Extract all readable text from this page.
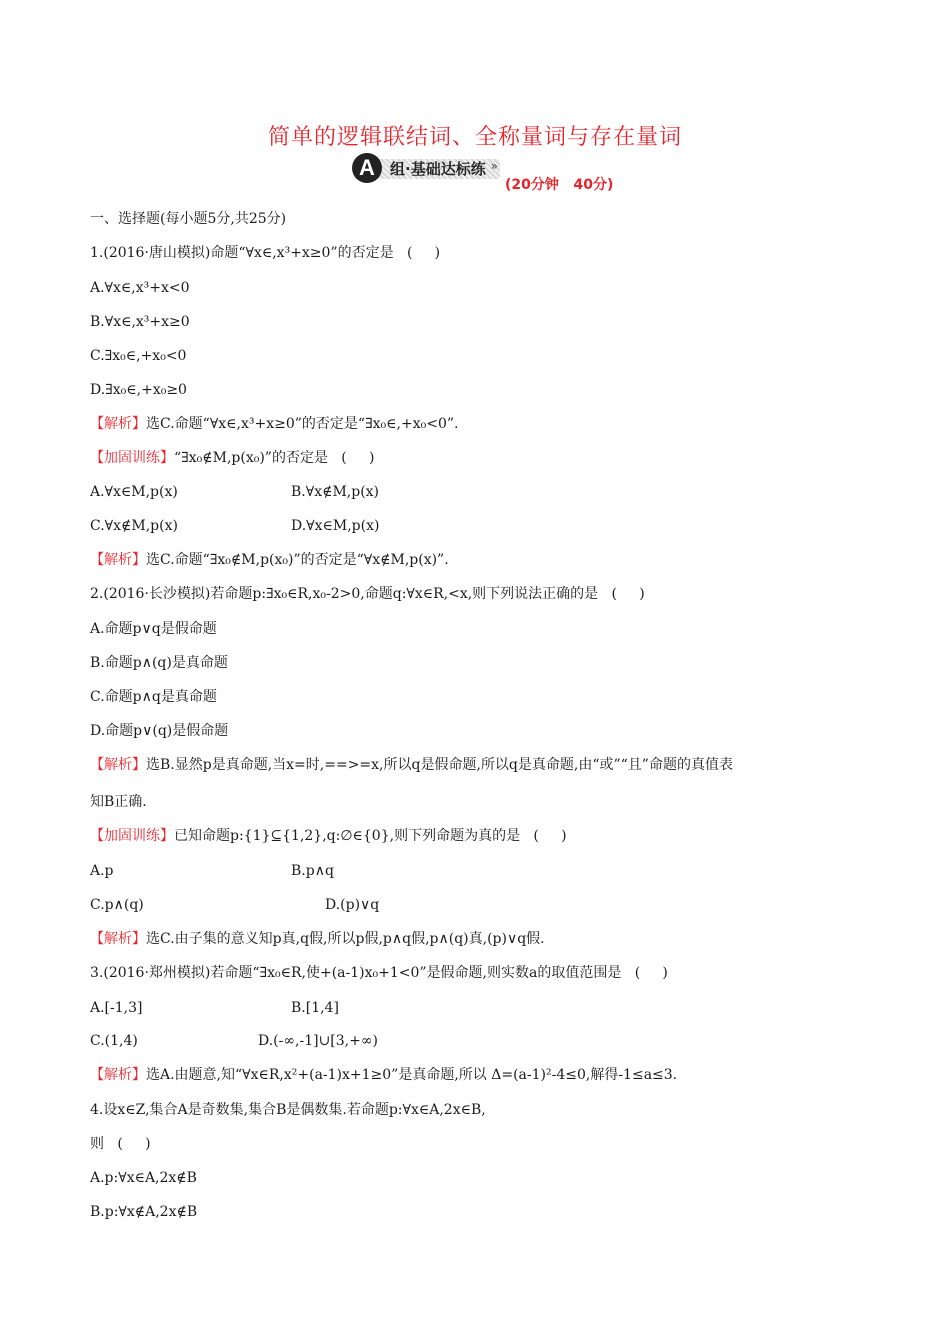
简单的逻辑联结词、全称量词与存在量词
A	组·基础达标练 »
(20分钟   40分)
一、选择题(每小题5分,共25分)
1.(2016·唐山模拟)命题“∀x∈,x³+x≥0”的否定是   (     )
A.∀x∈,x³+x<0
B.∀x∈,x³+x≥0
C.∃x₀∈,+x₀<0
D.∃x₀∈,+x₀≥0
【解析】选C.命题“∀x∈,x³+x≥0”的否定是“∃x₀∈,+x₀<0”.
【加固训练】“∃x₀∉M,p(x₀)”的否定是   (     )
A.∀x∈M,p(x)	B.∀x∉M,p(x)
C.∀x∉M,p(x)	D.∀x∈M,p(x)
【解析】选C.命题“∃x₀∉M,p(x₀)”的否定是“∀x∉M,p(x)”.
2.(2016·长沙模拟)若命题p:∃x₀∈R,x₀-2>0,命题q:∀x∈R,<x,则下列说法正确的是   (     )
A.命题p∨q是假命题
B.命题p∧(q)是真命题
C.命题p∧q是真命题
D.命题p∨(q)是假命题
【解析】选B.显然p是真命题,当x=时,==>=x,所以q是假命题,所以q是真命题,由“或”“且”命题的真值表
知B正确.
【加固训练】已知命题p:{1}⊆{1,2},q:∅∈{0},则下列命题为真的是   (     )
A.p	B.p∧q
C.p∧(q)	D.(p)∨q
【解析】选C.由子集的意义知p真,q假,所以p假,p∧q假,p∧(q)真,(p)∨q假.
3.(2016·郑州模拟)若命题“∃x₀∈R,使+(a-1)x₀+1<0”是假命题,则实数a的取值范围是   (     )
A.[-1,3]	B.[1,4]
C.(1,4)	D.(-∞,-1]∪[3,+∞)
【解析】选A.由题意,知“∀x∈R,x²+(a-1)x+1≥0”是真命题,所以 Δ=(a-1)²-4≤0,解得-1≤a≤3.
4.设x∈Z,集合A是奇数集,集合B是偶数集.若命题p:∀x∈A,2x∈B,
则   (     )
A.p:∀x∈A,2x∉B
B.p:∀x∉A,2x∉B
